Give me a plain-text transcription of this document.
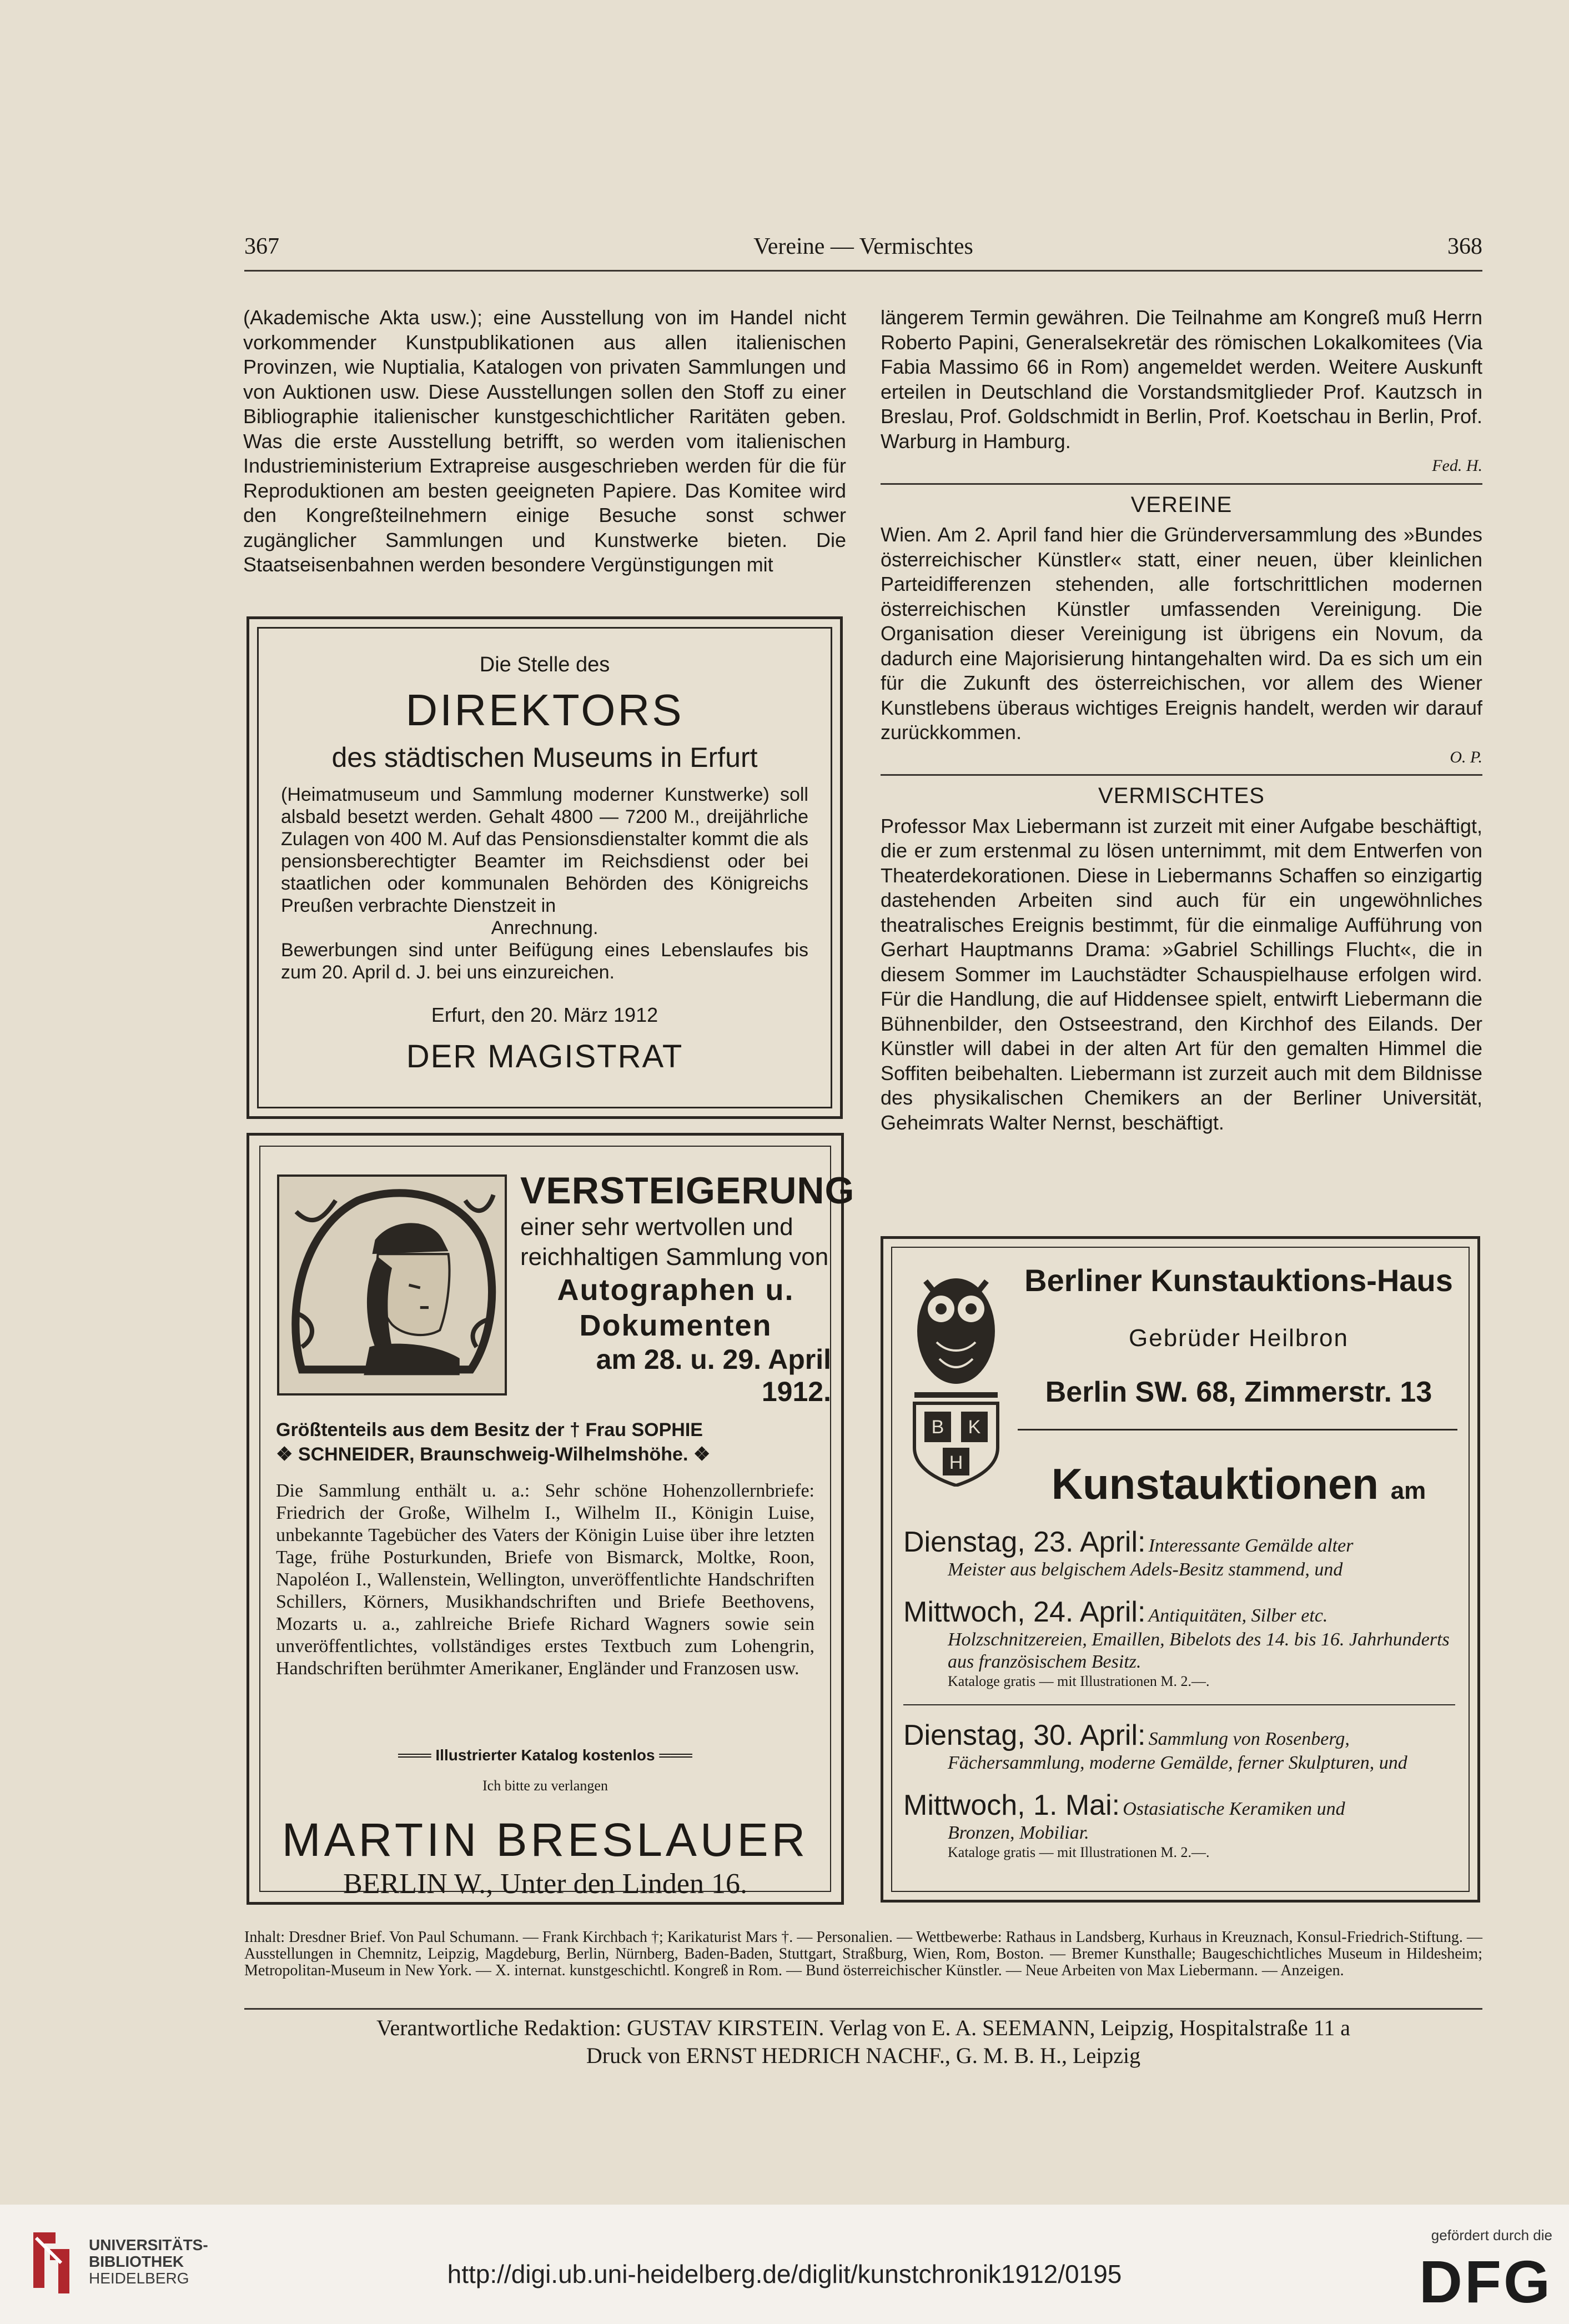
367	Vereine — Vermischtes	368

(Akademische Akta usw.); eine Ausstellung von im Handel nicht vorkommender Kunstpublikationen aus allen italienischen Provinzen, wie Nuptialia, Katalogen von privaten Sammlungen und von Auktionen usw. Diese Ausstellungen sollen den Stoff zu einer Bibliographie italienischer kunstgeschichtlicher Raritäten geben. Was die erste Ausstellung betrifft, so werden vom italienischen Industrieministerium Extrapreise ausgeschrieben werden für die für Reproduktionen am besten geeigneten Papiere. Das Komitee wird den Kongreßteilnehmern einige Besuche sonst schwer zugänglicher Sammlungen und Kunstwerke bieten. Die Staatseisenbahnen werden besondere Vergünstigungen mit

längerem Termin gewähren. Die Teilnahme am Kongreß muß Herrn Roberto Papini, Generalsekretär des römischen Lokalkomitees (Via Fabia Massimo 66 in Rom) angemeldet werden. Weitere Auskunft erteilen in Deutschland die Vorstandsmitglieder Prof. Kautzsch in Breslau, Prof. Goldschmidt in Berlin, Prof. Koetschau in Berlin, Prof. Warburg in Hamburg.

Fed. H.
VEREINE

Wien. Am 2. April fand hier die Gründerversammlung des »Bundes österreichischer Künstler« statt, einer neuen, über kleinlichen Parteidifferenzen stehenden, alle fortschrittlichen modernen österreichischen Künstler umfassenden Vereinigung. Die Organisation dieser Vereinigung ist übrigens ein Novum, da dadurch eine Majorisierung hintangehalten wird. Da es sich um ein für die Zukunft des österreichischen, vor allem des Wiener Kunstlebens überaus wichtiges Ereignis handelt, werden wir darauf zurückkommen.

O. P.
VERMISCHTES

Professor Max Liebermann ist zurzeit mit einer Aufgabe beschäftigt, die er zum erstenmal zu lösen unternimmt, mit dem Entwerfen von Theaterdekorationen. Diese in Liebermanns Schaffen so einzigartig dastehenden Arbeiten sind auch für ein ungewöhnliches theatralisches Ereignis bestimmt, für die einmalige Aufführung von Gerhart Hauptmanns Drama: »Gabriel Schillings Flucht«, die in diesem Sommer im Lauchstädter Schauspielhause erfolgen wird. Für die Handlung, die auf Hiddensee spielt, entwirft Liebermann die Bühnenbilder, den Ostseestrand, den Kirchhof des Eilands. Der Künstler will dabei in der alten Art für den gemalten Himmel die Soffiten beibehalten. Liebermann ist zurzeit auch mit dem Bildnisse des physikalischen Chemikers an der Berliner Universität, Geheimrats Walter Nernst, beschäftigt.

Die Stelle des
DIREKTORS
des städtischen Museums in Erfurt
(Heimatmuseum und Sammlung moderner Kunstwerke) soll alsbald besetzt werden. Gehalt 4800 — 7200 M., dreijährliche Zulagen von 400 M. Auf das Pensionsdienstalter kommt die als pensionsberechtigter Beamter im Reichsdienst oder bei staatlichen oder kommunalen Behörden des Königreichs Preußen verbrachte Dienstzeit in
Anrechnung.
Bewerbungen sind unter Beifügung eines Lebenslaufes bis zum 20. April d. J. bei uns einzureichen.
Erfurt, den 20. März 1912
DER MAGISTRAT
VERSTEIGERUNG
einer sehr wertvollen und
reichhaltigen Sammlung von
Autographen u.
Dokumenten
am 28. u. 29. April 1912.
Größtenteils aus dem Besitz der † Frau SOPHIE
❖ SCHNEIDER, Braunschweig-Wilhelmshöhe. ❖
Die Sammlung enthält u. a.: Sehr schöne Hohenzollernbriefe: Friedrich der Große, Wilhelm I., Wilhelm II., Königin Luise, unbekannte Tagebücher des Vaters der Königin Luise über ihre letzten Tage, frühe Posturkunden, Briefe von Bismarck, Moltke, Roon, Napoléon I., Wallenstein, Wellington, unveröffentlichte Handschriften Schillers, Körners, Musikhandschriften und Briefe Beethovens, Mozarts u. a., zahlreiche Briefe Richard Wagners sowie sein unveröffentlichtes, vollständiges erstes Textbuch zum Lohengrin, Handschriften berühmter Amerikaner, Engländer und Franzosen usw.
═══ Illustrierter Katalog kostenlos ═══
Ich bitte zu verlangen
MARTIN BRESLAUER
BERLIN W., Unter den Linden 16.
B K
H
Berliner Kunstauktions-Haus
Gebrüder Heilbron
Berlin SW. 68, Zimmerstr. 13
Kunstauktionen am
Dienstag, 23. April: Interessante Gemälde alter
Meister aus belgischem Adels-Besitz stammend, und
Mittwoch, 24. April: Antiquitäten, Silber etc.
Holzschnitzereien, Emaillen, Bibelots des 14. bis 16. Jahrhunderts aus französischem Besitz.
Kataloge gratis — mit Illustrationen M. 2.—.
Dienstag, 30. April: Sammlung von Rosenberg,
Fächersammlung, moderne Gemälde, ferner Skulpturen, und
Mittwoch, 1. Mai: Ostasiatische Keramiken und
Bronzen, Mobiliar.
Kataloge gratis — mit Illustrationen M. 2.—.
Inhalt: Dresdner Brief. Von Paul Schumann. — Frank Kirchbach †; Karikaturist Mars †. — Personalien. — Wettbewerbe: Rathaus in Landsberg, Kurhaus in Kreuznach, Konsul-Friedrich-Stiftung. — Ausstellungen in Chemnitz, Leipzig, Magdeburg, Berlin, Nürnberg, Baden-Baden, Stuttgart, Straßburg, Wien, Rom, Boston. — Bremer Kunsthalle; Baugeschichtliches Museum in Hildesheim; Metropolitan-Museum in New York. — X. internat. kunstgeschichtl. Kongreß in Rom. — Bund österreichischer Künstler. — Neue Arbeiten von Max Liebermann. — Anzeigen.
Verantwortliche Redaktion: GUSTAV KIRSTEIN. Verlag von E. A. SEEMANN, Leipzig, Hospitalstraße 11 a
Druck von ERNST HEDRICH NACHF., G. M. B. H., Leipzig
UNIVERSITÄTS-
BIBLIOTHEK
HEIDELBERG	http://digi.ub.uni-heidelberg.de/diglit/kunstchronik1912/0195
gefördert durch die
DFG
